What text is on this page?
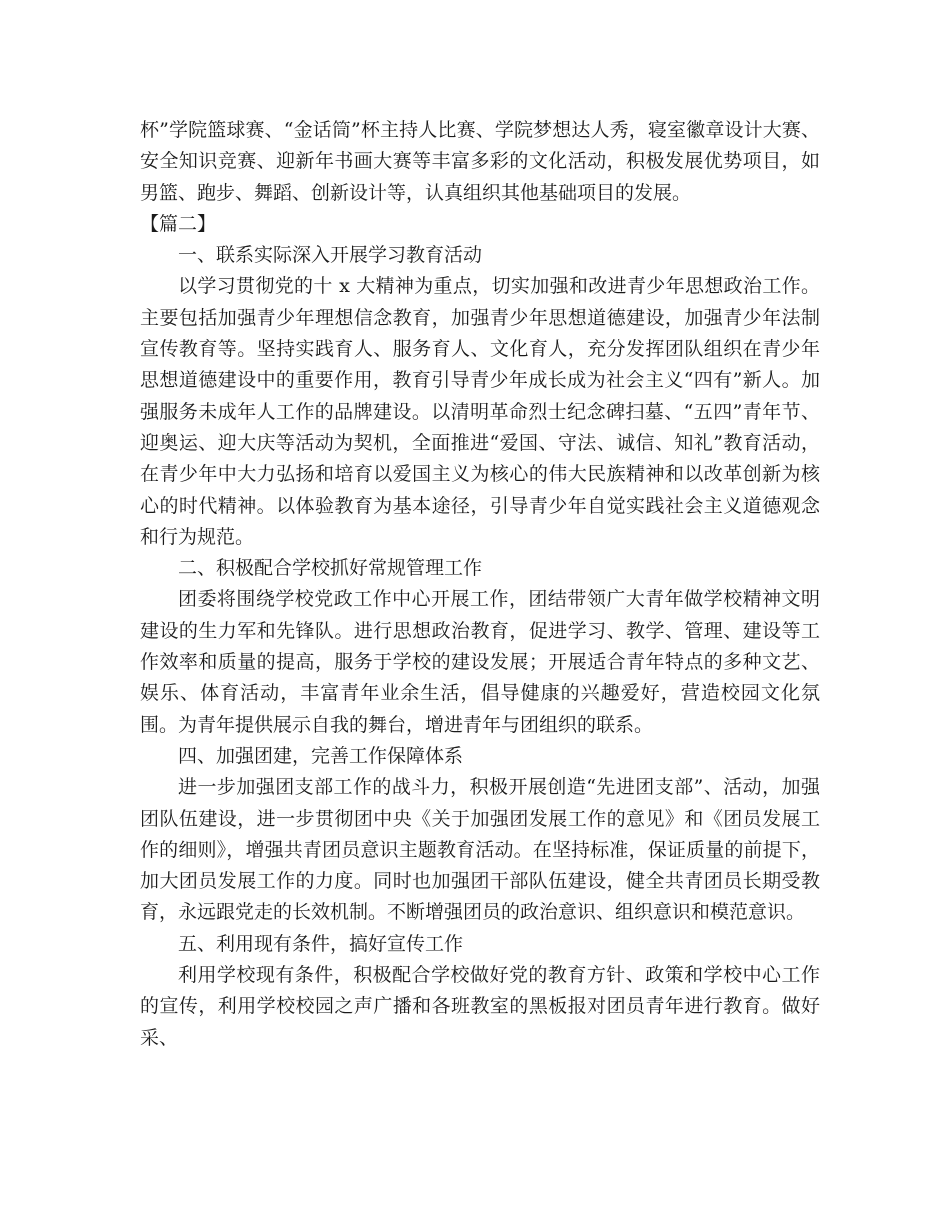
杯”学院篮球赛、“金话筒”杯主持人比赛、学院梦想达人秀，寝室徽章设计大赛、安全知识竞赛、迎新年书画大赛等丰富多彩的文化活动，积极发展优势项目，如男篮、跑步、舞蹈、创新设计等，认真组织其他基础项目的发展。

【篇二】

一、联系实际深入开展学习教育活动

以学习贯彻党的十 x 大精神为重点，切实加强和改进青少年思想政治工作。主要包括加强青少年理想信念教育，加强青少年思想道德建设，加强青少年法制宣传教育等。坚持实践育人、服务育人、文化育人，充分发挥团队组织在青少年思想道德建设中的重要作用，教育引导青少年成长成为社会主义“四有”新人。加强服务未成年人工作的品牌建设。以清明革命烈士纪念碑扫墓、“五四”青年节、迎奥运、迎大庆等活动为契机，全面推进“爱国、守法、诚信、知礼”教育活动，在青少年中大力弘扬和培育以爱国主义为核心的伟大民族精神和以改革创新为核心的时代精神。以体验教育为基本途径，引导青少年自觉实践社会主义道德观念和行为规范。

二、积极配合学校抓好常规管理工作

团委将围绕学校党政工作中心开展工作，团结带领广大青年做学校精神文明建设的生力军和先锋队。进行思想政治教育，促进学习、教学、管理、建设等工作效率和质量的提高，服务于学校的建设发展；开展适合青年特点的多种文艺、娱乐、体育活动，丰富青年业余生活，倡导健康的兴趣爱好，营造校园文化氛围。为青年提供展示自我的舞台，增进青年与团组织的联系。

四、加强团建，完善工作保障体系

进一步加强团支部工作的战斗力，积极开展创造“先进团支部”、活动，加强团队伍建设，进一步贯彻团中央《关于加强团发展工作的意见》和《团员发展工作的细则》，增强共青团员意识主题教育活动。在坚持标准，保证质量的前提下，加大团员发展工作的力度。同时也加强团干部队伍建设，健全共青团员长期受教育，永远跟党走的长效机制。不断增强团员的政治意识、组织意识和模范意识。

五、利用现有条件，搞好宣传工作

利用学校现有条件，积极配合学校做好党的教育方针、政策和学校中心工作的宣传，利用学校校园之声广播和各班教室的黑板报对团员青年进行教育。做好采、
